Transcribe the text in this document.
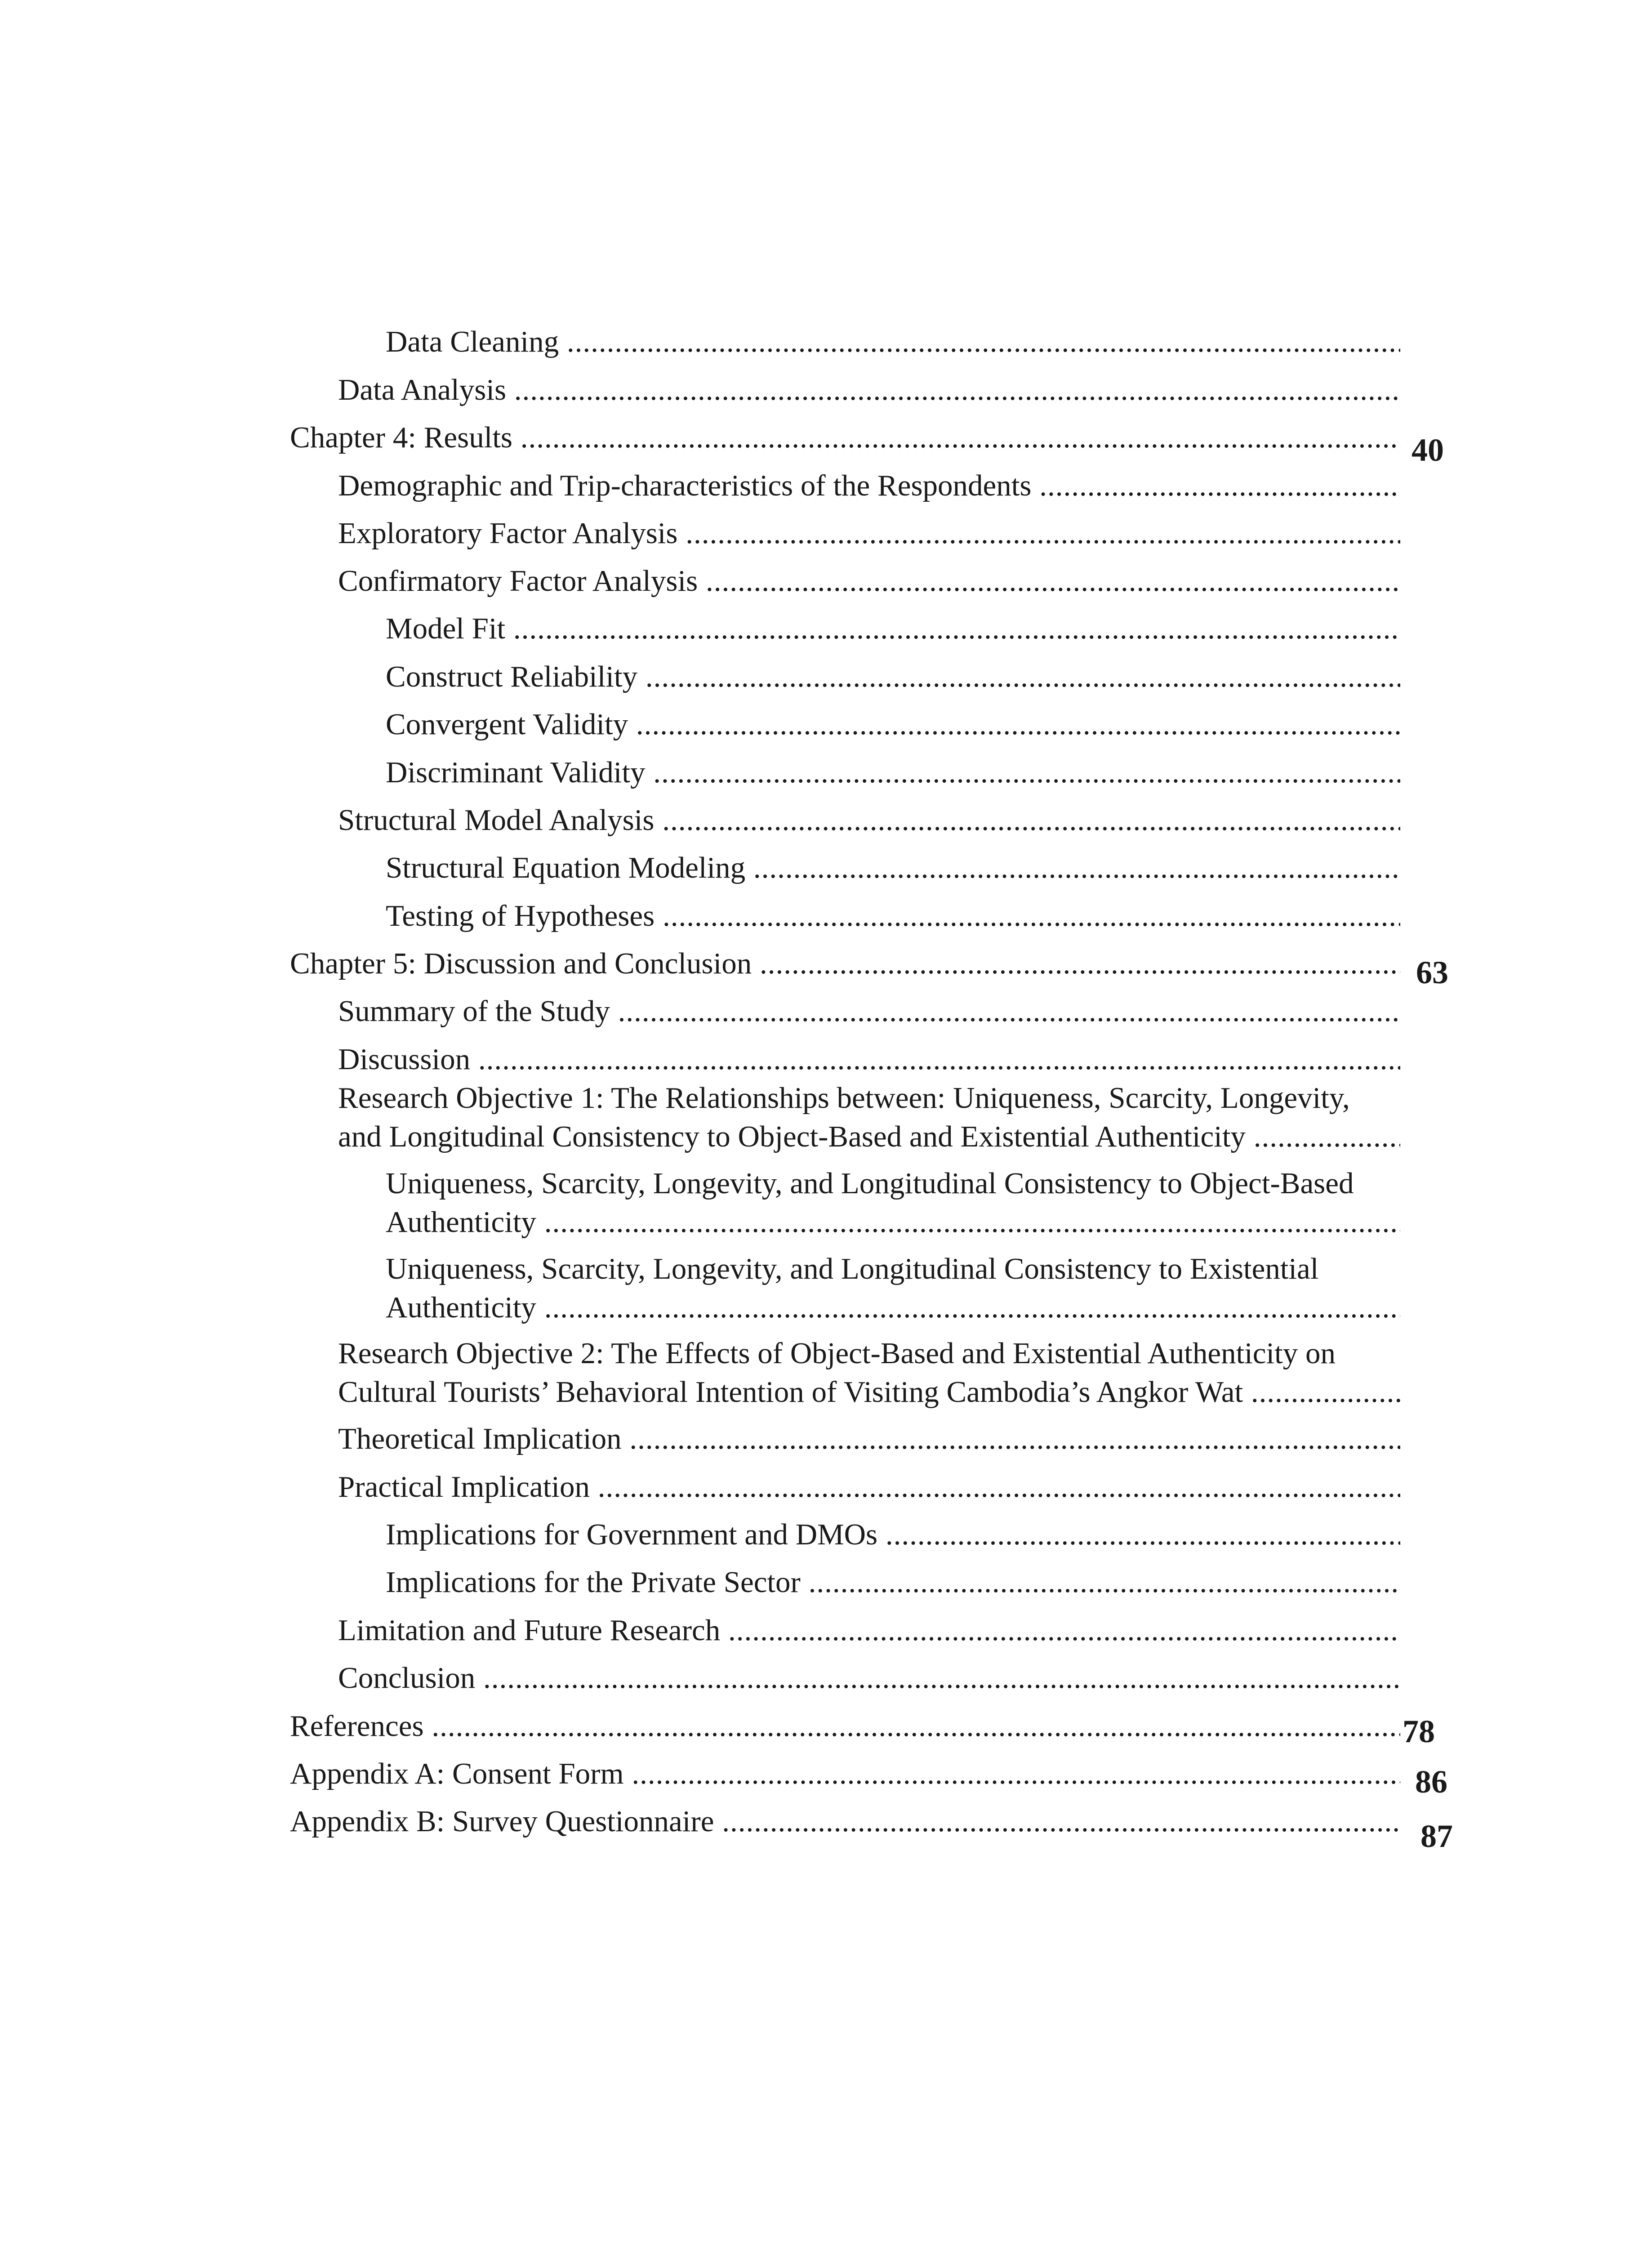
Data Cleaning .....
Data Analysis .....
Chapter 4: Results .....	40
Demographic and Trip-characteristics of the Respondents .....
Exploratory Factor Analysis .....
Confirmatory Factor Analysis .....
Model Fit .....
Construct Reliability .....
Convergent Validity .....
Discriminant Validity .....
Structural Model Analysis .....
Structural Equation Modeling .....
Testing of Hypotheses .....
Chapter 5: Discussion and Conclusion .....	63
Summary of the Study .....
Discussion .....
Research Objective 1: The Relationships between: Uniqueness, Scarcity, Longevity,
and Longitudinal Consistency to Object-Based and Existential Authenticity .....
Uniqueness, Scarcity, Longevity, and Longitudinal Consistency to Object-Based
Authenticity .....
Uniqueness, Scarcity, Longevity, and Longitudinal Consistency to Existential
Authenticity .....
Research Objective 2: The Effects of Object-Based and Existential Authenticity on
Cultural Tourists’ Behavioral Intention of Visiting Cambodia’s Angkor Wat .....
Theoretical Implication .....
Practical Implication .....
Implications for Government and DMOs .....
Implications for the Private Sector .....
Limitation and Future Research .....
Conclusion .....
References .....	78
Appendix A: Consent Form .....	86
Appendix B: Survey Questionnaire .....	87
